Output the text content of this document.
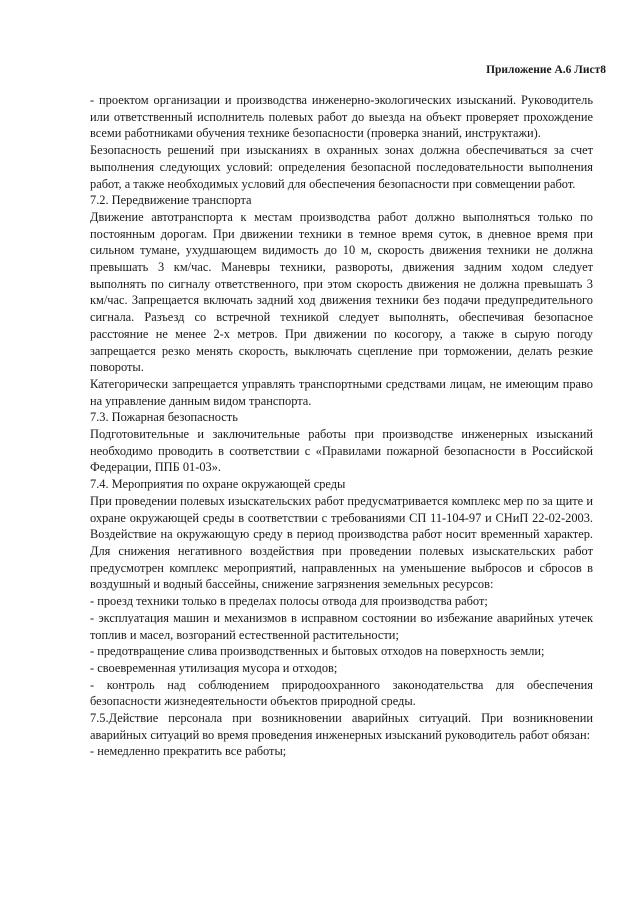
Приложение А.6 Лист8

- проектом организации и производства инженерно-экологических изысканий. Руководитель или ответственный исполнитель полевых работ до выезда на объект проверяет прохождение всеми работниками обучения технике безопасности (проверка знаний, инструктажи).

Безопасность решений при изысканиях в охранных зонах должна обеспечиваться за счет выполнения следующих условий: определения безопасной последовательности выполнения работ, а также необходимых условий для обеспечения безопасности при совмещении работ.

7.2. Передвижение транспорта

Движение автотранспорта к местам производства работ должно выполняться только по постоянным дорогам. При движении техники в темное время суток, в дневное время при сильном тумане, ухудшающем видимость до 10 м, скорость движения техники не должна превышать 3 км/час. Маневры техники, развороты, движения задним ходом следует выполнять по сигналу ответственного, при этом скорость движения не должна превышать 3 км/час. Запрещается включать задний ход движения техники без подачи предупредительного сигнала. Разъезд со встречной техникой следует выполнять, обеспечивая безопасное расстояние не менее 2-х метров. При движении по косогору, а также в сырую погоду запрещается резко менять скорость, выключать сцепление при торможении, делать резкие повороты.

Категорически запрещается управлять транспортными средствами лицам, не имеющим право на управление данным видом транспорта.

7.3. Пожарная безопасность

Подготовительные и заключительные работы при производстве инженерных изысканий необходимо проводить в соответствии с «Правилами пожарной безопасности в Российской Федерации, ППБ 01-03».

7.4. Мероприятия по охране окружающей среды

При проведении полевых изыскательских работ предусматривается комплекс мер по за щите и охране окружающей среды в соответствии с требованиями СП 11-104-97 и СНиП 22-02-2003. Воздействие на окружающую среду в период производства работ носит временный характер. Для снижения негативного воздействия при проведении полевых изыскательских работ предусмотрен комплекс мероприятий, направленных на уменьшение выбросов и сбросов в воздушный и водный бассейны, снижение загрязнения земельных ресурсов:

- проезд техники только в пределах полосы отвода для производства работ;

- эксплуатация машин и механизмов в исправном состоянии во избежание аварийных утечек топлив и масел, возгораний естественной растительности;

- предотвращение слива производственных и бытовых отходов на поверхность земли;

- своевременная утилизация мусора и отходов;

- контроль над соблюдением природоохранного законодательства для обеспечения безопасности жизнедеятельности объектов природной среды.

7.5.Действие персонала при возникновении аварийных ситуаций. При возникновении аварийных ситуаций во время проведения инженерных изысканий руководитель работ обязан:

- немедленно прекратить все работы;
